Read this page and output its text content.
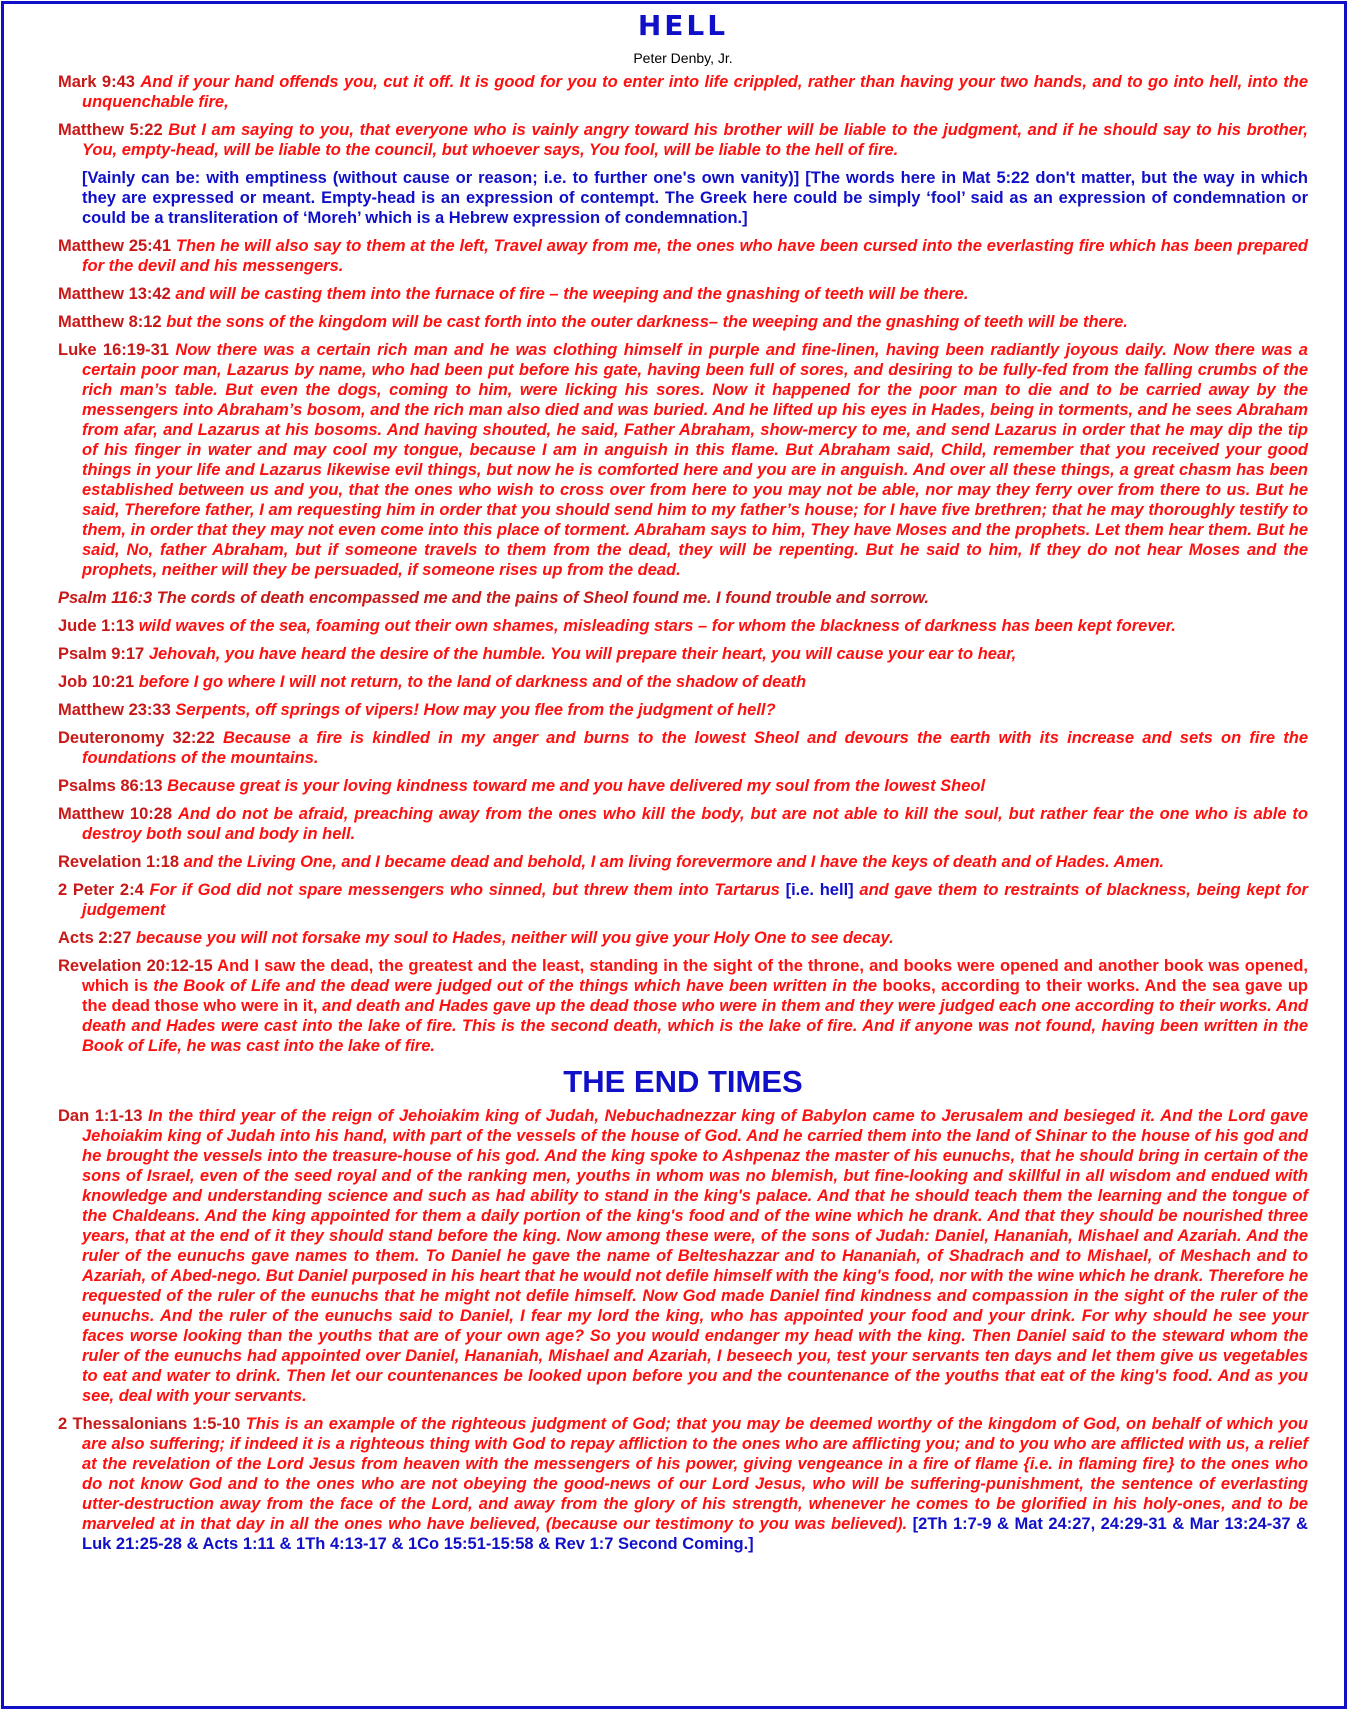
HELL
Peter Denby, Jr.

Mark 9:43 And if your hand offends you, cut it off. It is good for you to enter into life crippled, rather than having your two hands, and to go into hell, into the unquenchable fire,

Matthew 5:22 But I am saying to you, that everyone who is vainly angry toward his brother will be liable to the judgment, and if he should say to his brother, You, empty-head, will be liable to the council, but whoever says, You fool, will be liable to the hell of fire.

[Vainly can be: with emptiness (without cause or reason; i.e. to further one's own vanity)] [The words here in Mat 5:22 don't matter, but the way in which they are expressed or meant. Empty-head is an expression of contempt. The Greek here could be simply ‘fool’ said as an expression of condemnation or could be a transliteration of ‘Moreh’ which is a Hebrew expression of condemnation.]

Matthew 25:41 Then he will also say to them at the left, Travel away from me, the ones who have been cursed into the everlasting fire which has been prepared for the devil and his messengers.

Matthew 13:42 and will be casting them into the furnace of fire – the weeping and the gnashing of teeth will be there.

Matthew 8:12 but the sons of the kingdom will be cast forth into the outer darkness– the weeping and the gnashing of teeth will be there.

Luke 16:19-31 Now there was a certain rich man and he was clothing himself in purple and fine-linen, having been radiantly joyous daily. Now there was a certain poor man, Lazarus by name, who had been put before his gate, having been full of sores, and desiring to be fully-fed from the falling crumbs of the rich man’s table. But even the dogs, coming to him, were licking his sores. Now it happened for the poor man to die and to be carried away by the messengers into Abraham’s bosom, and the rich man also died and was buried. And he lifted up his eyes in Hades, being in torments, and he sees Abraham from afar, and Lazarus at his bosoms. And having shouted, he said, Father Abraham, show-mercy to me, and send Lazarus in order that he may dip the tip of his finger in water and may cool my tongue, because I am in anguish in this flame. But Abraham said, Child, remember that you received your good things in your life and Lazarus likewise evil things, but now he is comforted here and you are in anguish. And over all these things, a great chasm has been established between us and you, that the ones who wish to cross over from here to you may not be able, nor may they ferry over from there to us. But he said, Therefore father, I am requesting him in order that you should send him to my father’s house; for I have five brethren; that he may thoroughly testify to them, in order that they may not even come into this place of torment. Abraham says to him, They have Moses and the prophets. Let them hear them. But he said, No, father Abraham, but if someone travels to them from the dead, they will be repenting. But he said to him, If they do not hear Moses and the prophets, neither will they be persuaded, if someone rises up from the dead.

Psalm 116:3 The cords of death encompassed me and the pains of Sheol found me. I found trouble and sorrow.

Jude 1:13 wild waves of the sea, foaming out their own shames, misleading stars – for whom the blackness of darkness has been kept forever.

Psalm 9:17 Jehovah, you have heard the desire of the humble. You will prepare their heart, you will cause your ear to hear,

Job 10:21 before I go where I will not return, to the land of darkness and of the shadow of death

Matthew 23:33 Serpents, off springs of vipers! How may you flee from the judgment of hell?

Deuteronomy 32:22 Because a fire is kindled in my anger and burns to the lowest Sheol and devours the earth with its increase and sets on fire the foundations of the mountains.

Psalms 86:13 Because great is your loving kindness toward me and you have delivered my soul from the lowest Sheol

Matthew 10:28 And do not be afraid, preaching away from the ones who kill the body, but are not able to kill the soul, but rather fear the one who is able to destroy both soul and body in hell.

Revelation 1:18 and the Living One, and I became dead and behold, I am living forevermore and I have the keys of death and of Hades. Amen.

2 Peter 2:4 For if God did not spare messengers who sinned, but threw them into Tartarus [i.e. hell] and gave them to restraints of blackness, being kept for judgement

Acts 2:27 because you will not forsake my soul to Hades, neither will you give your Holy One to see decay.

Revelation 20:12-15 And I saw the dead, the greatest and the least, standing in the sight of the throne, and books were opened and another book was opened, which is the Book of Life and the dead were judged out of the things which have been written in the books, according to their works. And the sea gave up the dead those who were in it, and death and Hades gave up the dead those who were in them and they were judged each one according to their works. And death and Hades were cast into the lake of fire. This is the second death, which is the lake of fire. And if anyone was not found, having been written in the Book of Life, he was cast into the lake of fire.

THE END TIMES

Dan 1:1-13 In the third year of the reign of Jehoiakim king of Judah, Nebuchadnezzar king of Babylon came to Jerusalem and besieged it. And the Lord gave Jehoiakim king of Judah into his hand, with part of the vessels of the house of God. And he carried them into the land of Shinar to the house of his god and he brought the vessels into the treasure-house of his god. And the king spoke to Ashpenaz the master of his eunuchs, that he should bring in certain of the sons of Israel, even of the seed royal and of the ranking men, youths in whom was no blemish, but fine-looking and skillful in all wisdom and endued with knowledge and understanding science and such as had ability to stand in the king's palace. And that he should teach them the learning and the tongue of the Chaldeans. And the king appointed for them a daily portion of the king's food and of the wine which he drank. And that they should be nourished three years, that at the end of it they should stand before the king. Now among these were, of the sons of Judah: Daniel, Hananiah, Mishael and Azariah. And the ruler of the eunuchs gave names to them. To Daniel he gave the name of Belteshazzar and to Hananiah, of Shadrach and to Mishael, of Meshach and to Azariah, of Abed-nego. But Daniel purposed in his heart that he would not defile himself with the king's food, nor with the wine which he drank. Therefore he requested of the ruler of the eunuchs that he might not defile himself. Now God made Daniel find kindness and compassion in the sight of the ruler of the eunuchs. And the ruler of the eunuchs said to Daniel, I fear my lord the king, who has appointed your food and your drink. For why should he see your faces worse looking than the youths that are of your own age? So you would endanger my head with the king. Then Daniel said to the steward whom the ruler of the eunuchs had appointed over Daniel, Hananiah, Mishael and Azariah, I beseech you, test your servants ten days and let them give us vegetables to eat and water to drink. Then let our countenances be looked upon before you and the countenance of the youths that eat of the king's food. And as you see, deal with your servants.

2 Thessalonians 1:5-10 This is an example of the righteous judgment of God; that you may be deemed worthy of the kingdom of God, on behalf of which you are also suffering; if indeed it is a righteous thing with God to repay affliction to the ones who are afflicting you; and to you who are afflicted with us, a relief at the revelation of the Lord Jesus from heaven with the messengers of his power, giving vengeance in a fire of flame {i.e. in flaming fire} to the ones who do not know God and to the ones who are not obeying the good-news of our Lord Jesus, who will be suffering-punishment, the sentence of everlasting utter-destruction away from the face of the Lord, and away from the glory of his strength, whenever he comes to be glorified in his holy-ones, and to be marveled at in that day in all the ones who have believed, (because our testimony to you was believed). [2Th 1:7-9 & Mat 24:27, 24:29-31 & Mar 13:24-37 & Luk 21:25-28 & Acts 1:11 & 1Th 4:13-17 & 1Co 15:51-15:58 & Rev 1:7 Second Coming.]
